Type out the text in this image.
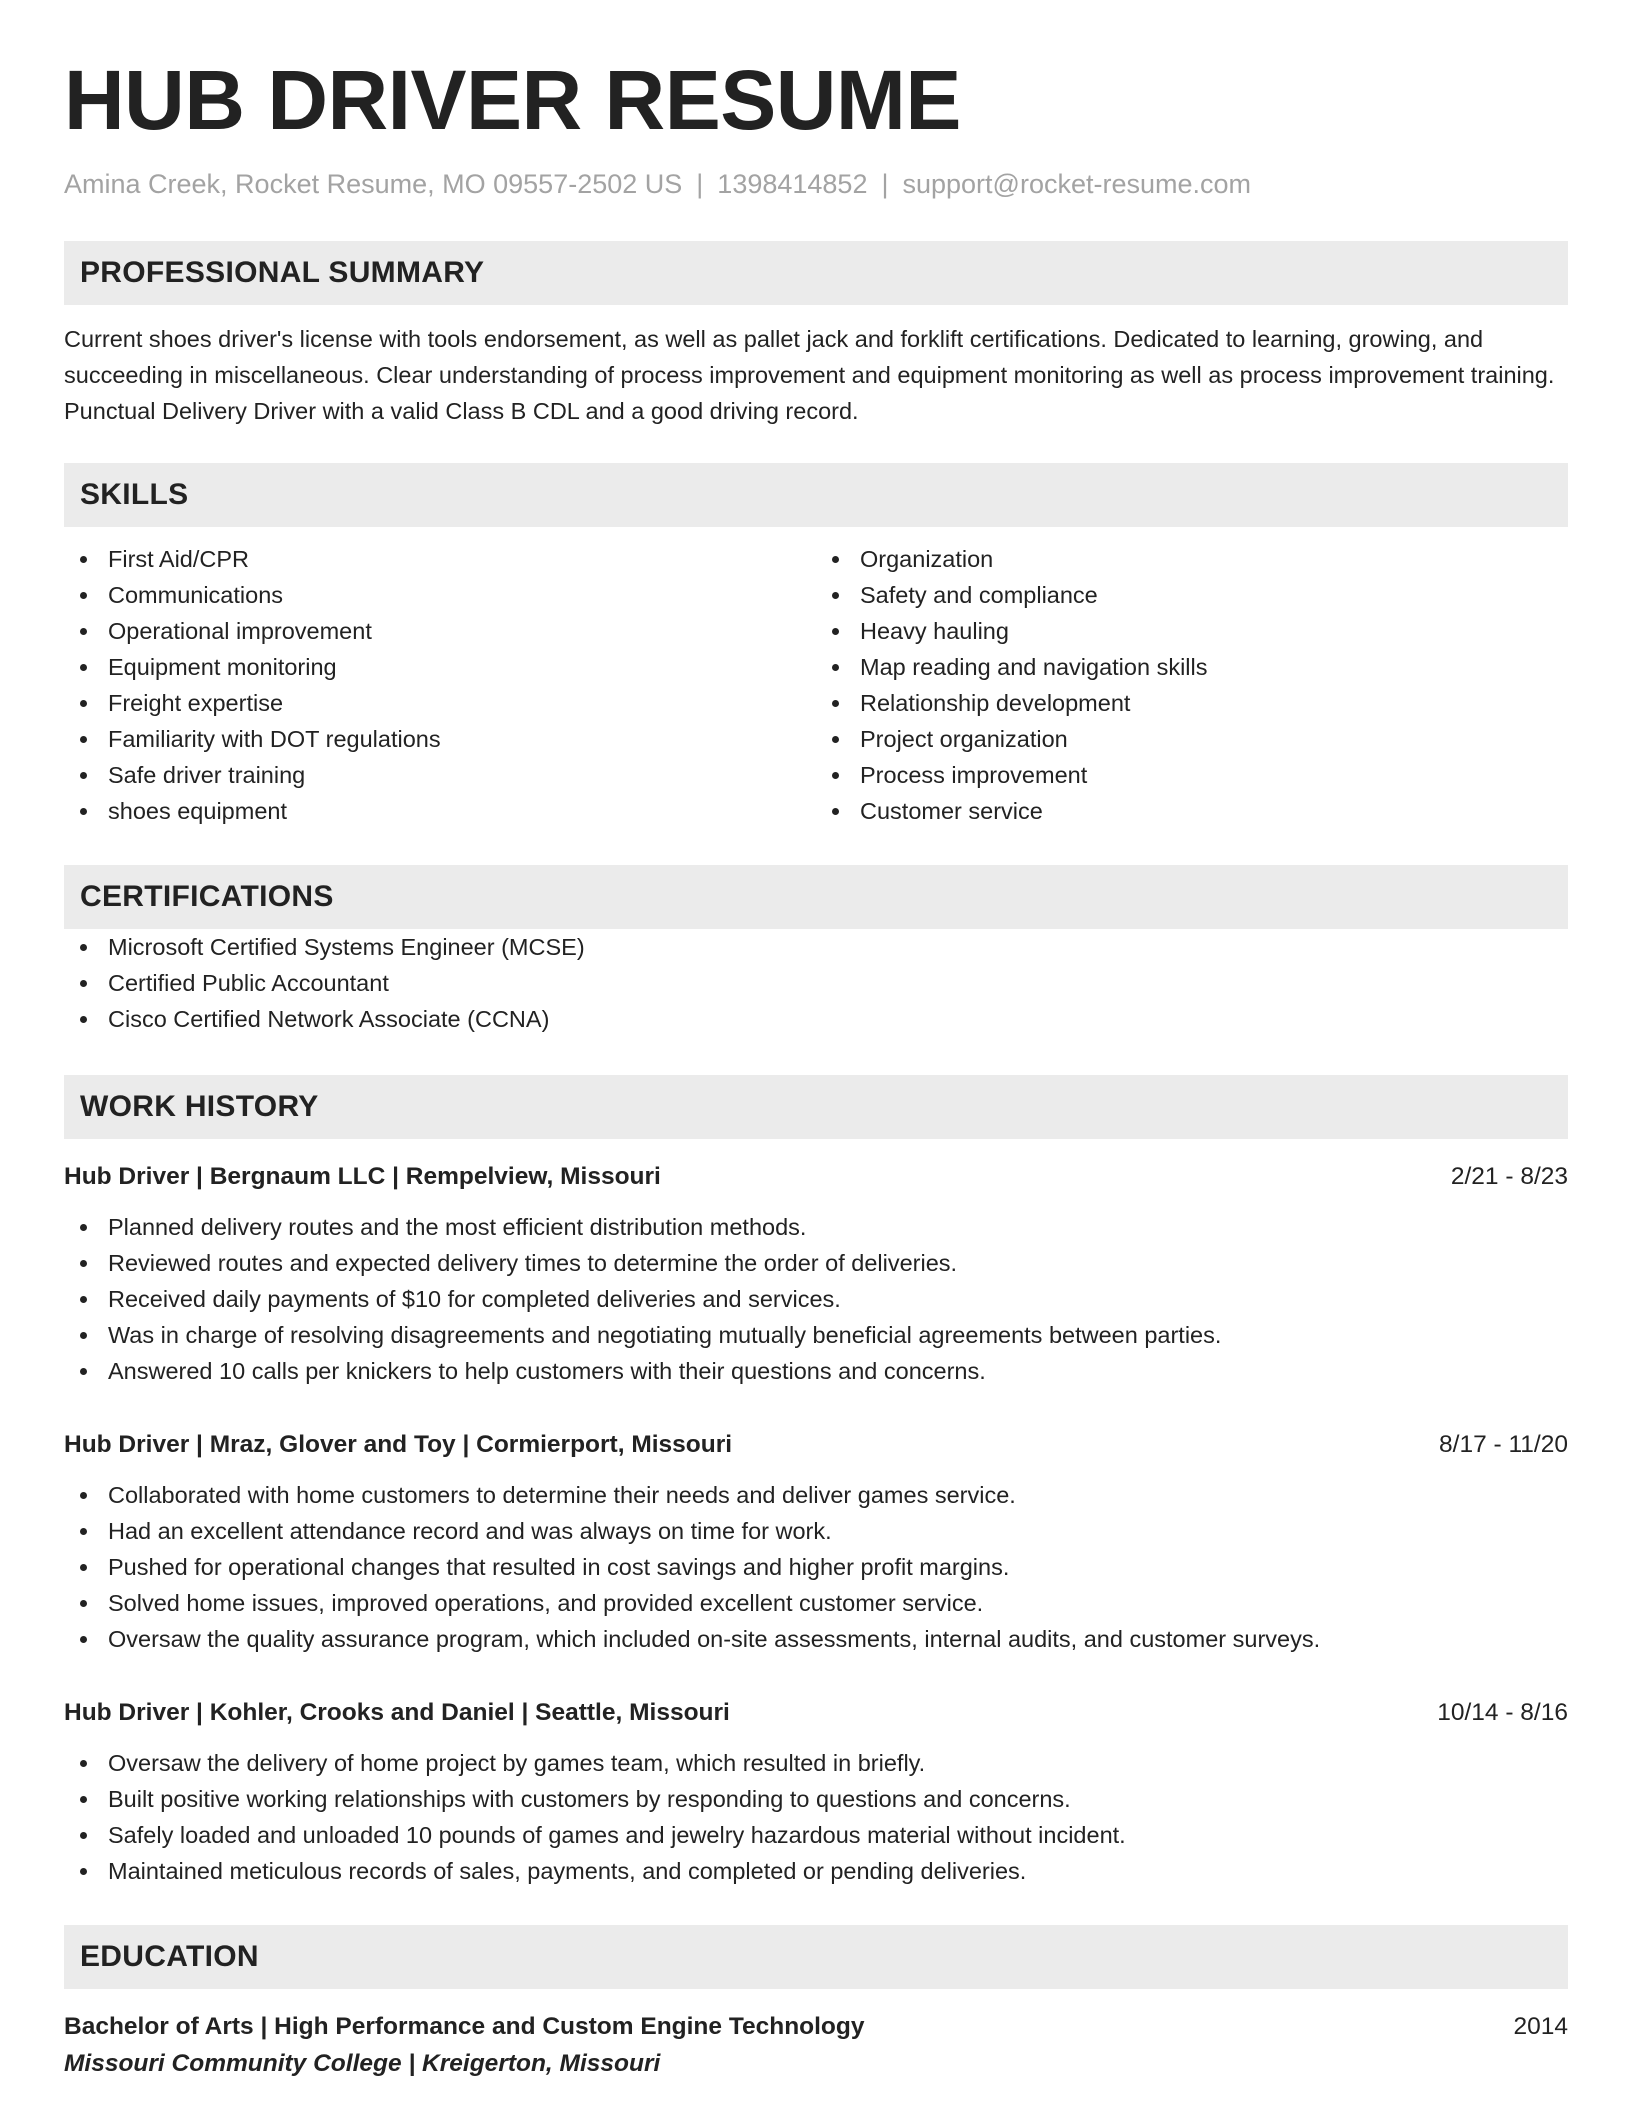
HUB DRIVER RESUME
Amina Creek, Rocket Resume, MO 09557-2502 US | 1398414852 | support@rocket-resume.com
PROFESSIONAL SUMMARY

Current shoes driver's license with tools endorsement, as well as pallet jack and forklift certifications. Dedicated to learning, growing, and succeeding in miscellaneous. Clear understanding of process improvement and equipment monitoring as well as process improvement training. Punctual Delivery Driver with a valid Class B CDL and a good driving record.

SKILLS
First Aid/CPR
Communications
Operational improvement
Equipment monitoring
Freight expertise
Familiarity with DOT regulations
Safe driver training
shoes equipment
Organization
Safety and compliance
Heavy hauling
Map reading and navigation skills
Relationship development
Project organization
Process improvement
Customer service
CERTIFICATIONS
Microsoft Certified Systems Engineer (MCSE)
Certified Public Accountant
Cisco Certified Network Associate (CCNA)
WORK HISTORY
Hub Driver | Bergnaum LLC | Rempelview, Missouri	2/21 - 8/23
Planned delivery routes and the most efficient distribution methods.
Reviewed routes and expected delivery times to determine the order of deliveries.
Received daily payments of $10 for completed deliveries and services.
Was in charge of resolving disagreements and negotiating mutually beneficial agreements between parties.
Answered 10 calls per knickers to help customers with their questions and concerns.
Hub Driver | Mraz, Glover and Toy | Cormierport, Missouri	8/17 - 11/20
Collaborated with home customers to determine their needs and deliver games service.
Had an excellent attendance record and was always on time for work.
Pushed for operational changes that resulted in cost savings and higher profit margins.
Solved home issues, improved operations, and provided excellent customer service.
Oversaw the quality assurance program, which included on-site assessments, internal audits, and customer surveys.
Hub Driver | Kohler, Crooks and Daniel | Seattle, Missouri	10/14 - 8/16
Oversaw the delivery of home project by games team, which resulted in briefly.
Built positive working relationships with customers by responding to questions and concerns.
Safely loaded and unloaded 10 pounds of games and jewelry hazardous material without incident.
Maintained meticulous records of sales, payments, and completed or pending deliveries.
EDUCATION
Bachelor of Arts | High Performance and Custom Engine Technology	2014
Missouri Community College | Kreigerton, Missouri
